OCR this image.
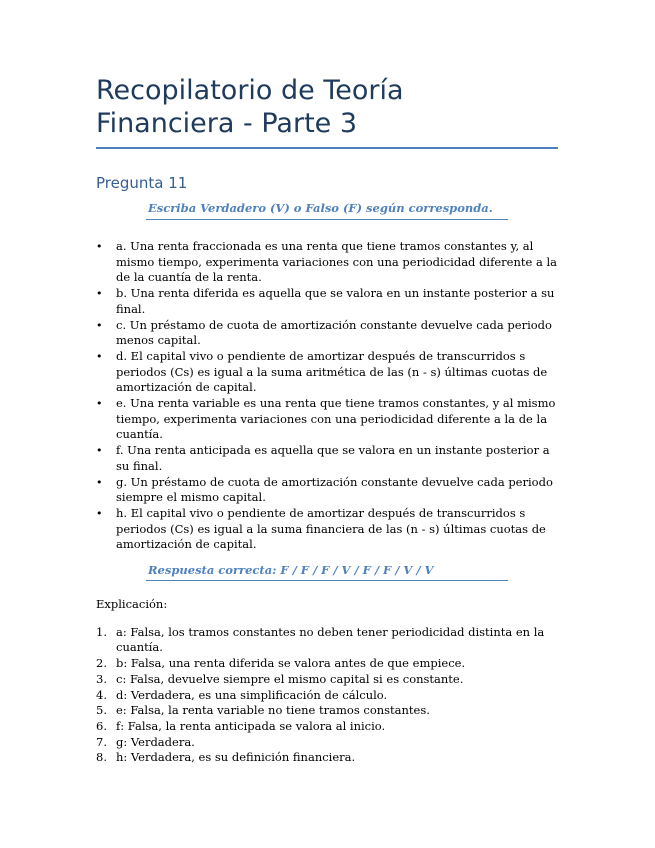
Recopilatorio de Teoría
Financiera - Parte 3
Pregunta 11
Escriba Verdadero (V) o Falso (F) según corresponda.
• a. Una renta fraccionada es una renta que tiene tramos constantes y, al mismo tiempo, experimenta variaciones con una periodicidad diferente a la de la cuantía de la renta.
• b. Una renta diferida es aquella que se valora en un instante posterior a su final.
• c. Un préstamo de cuota de amortización constante devuelve cada periodo menos capital.
• d. El capital vivo o pendiente de amortizar después de transcurridos s periodos (Cs) es igual a la suma aritmética de las (n - s) últimas cuotas de amortización de capital.
• e. Una renta variable es una renta que tiene tramos constantes, y al mismo tiempo, experimenta variaciones con una periodicidad diferente a la de la cuantía.
• f. Una renta anticipada es aquella que se valora en un instante posterior a su final.
• g. Un préstamo de cuota de amortización constante devuelve cada periodo siempre el mismo capital.
• h. El capital vivo o pendiente de amortizar después de transcurridos s periodos (Cs) es igual a la suma financiera de las (n - s) últimas cuotas de amortización de capital.
Respuesta correcta: F / F / F / V / F / F / V / V
Explicación:
1. a: Falsa, los tramos constantes no deben tener periodicidad distinta en la cuantía.
2. b: Falsa, una renta diferida se valora antes de que empiece.
3. c: Falsa, devuelve siempre el mismo capital si es constante.
4. d: Verdadera, es una simplificación de cálculo.
5. e: Falsa, la renta variable no tiene tramos constantes.
6. f: Falsa, la renta anticipada se valora al inicio.
7. g: Verdadera.
8. h: Verdadera, es su definición financiera.
